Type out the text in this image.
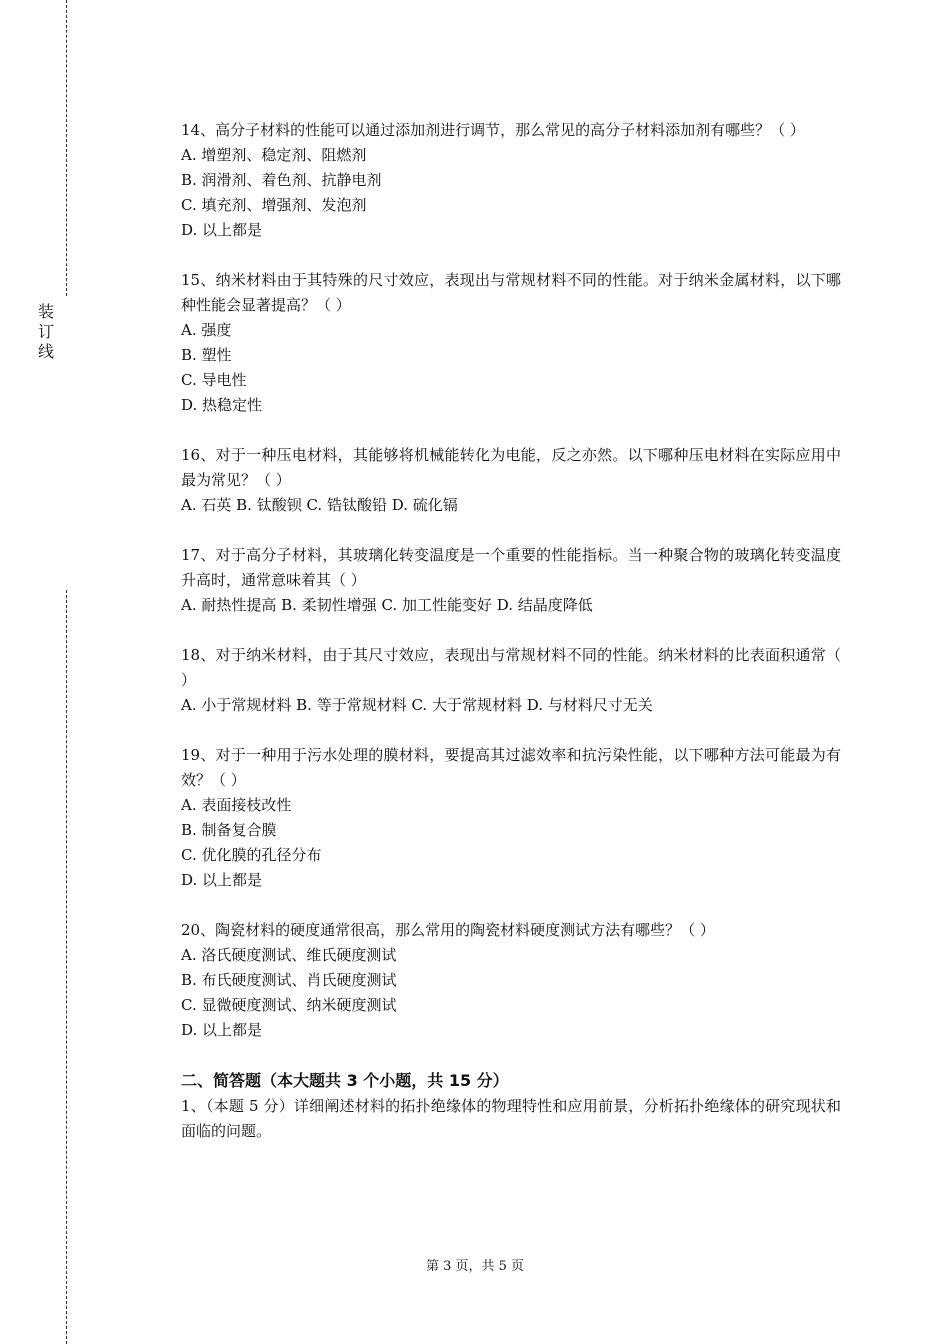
装
订
线
14、高分子材料的性能可以通过添加剂进行调节，那么常见的高分子材料添加剂有哪些？（ ）
A. 增塑剂、稳定剂、阻燃剂
B. 润滑剂、着色剂、抗静电剂
C. 填充剂、增强剂、发泡剂
D. 以上都是
15、纳米材料由于其特殊的尺寸效应，表现出与常规材料不同的性能。对于纳米金属材料，以下哪种性能会显著提高？（ ）
A. 强度
B. 塑性
C. 导电性
D. 热稳定性
16、对于一种压电材料，其能够将机械能转化为电能，反之亦然。以下哪种压电材料在实际应用中最为常见？（ ）
A. 石英 B. 钛酸钡 C. 锆钛酸铅 D. 硫化镉
17、对于高分子材料，其玻璃化转变温度是一个重要的性能指标。当一种聚合物的玻璃化转变温度升高时，通常意味着其（ ）
A. 耐热性提高 B. 柔韧性增强 C. 加工性能变好 D. 结晶度降低
18、对于纳米材料，由于其尺寸效应，表现出与常规材料不同的性能。纳米材料的比表面积通常（ ）
A. 小于常规材料 B. 等于常规材料 C. 大于常规材料 D. 与材料尺寸无关
19、对于一种用于污水处理的膜材料，要提高其过滤效率和抗污染性能，以下哪种方法可能最为有效？（ ）
A. 表面接枝改性
B. 制备复合膜
C. 优化膜的孔径分布
D. 以上都是
20、陶瓷材料的硬度通常很高，那么常用的陶瓷材料硬度测试方法有哪些？（ ）
A. 洛氏硬度测试、维氏硬度测试
B. 布氏硬度测试、肖氏硬度测试
C. 显微硬度测试、纳米硬度测试
D. 以上都是
二、简答题（本大题共 3 个小题，共 15 分）
1、（本题 5 分）详细阐述材料的拓扑绝缘体的物理特性和应用前景，分析拓扑绝缘体的研究现状和面临的问题。
第 3 页，共 5 页
